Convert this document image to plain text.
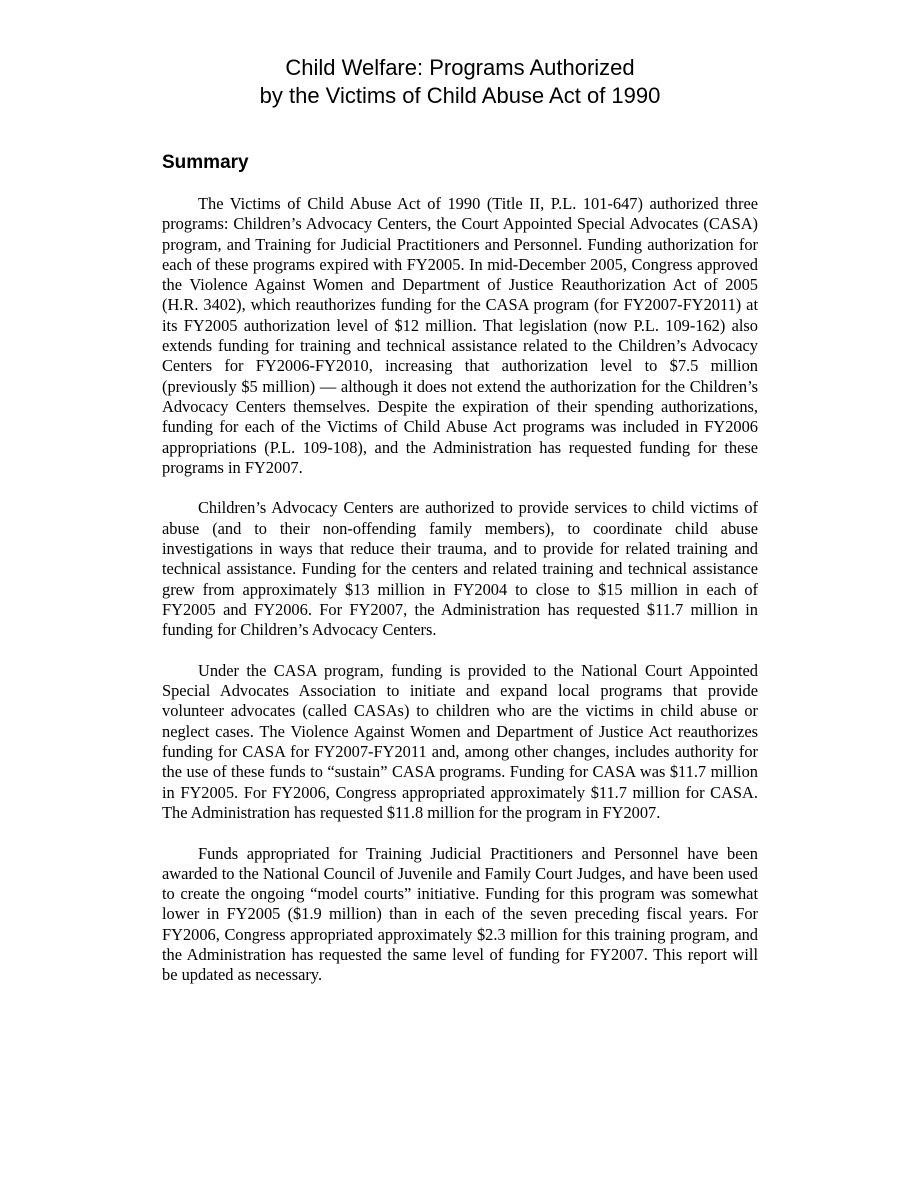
Child Welfare: Programs Authorized
by the Victims of Child Abuse Act of 1990
Summary

The Victims of Child Abuse Act of 1990 (Title II, P.L. 101-647) authorized three programs: Children’s Advocacy Centers, the Court Appointed Special Advocates (CASA) program, and Training for Judicial Practitioners and Personnel. Funding authorization for each of these programs expired with FY2005. In mid-December 2005, Congress approved the Violence Against Women and Department of Justice Reauthorization Act of 2005 (H.R. 3402), which reauthorizes funding for the CASA program (for FY2007-FY2011) at its FY2005 authorization level of $12 million. That legislation (now P.L. 109-162) also extends funding for training and technical assistance related to the Children’s Advocacy Centers for FY2006-FY2010, increasing that authorization level to $7.5 million (previously $5 million) — although it does not extend the authorization for the Children’s Advocacy Centers themselves. Despite the expiration of their spending authorizations, funding for each of the Victims of Child Abuse Act programs was included in FY2006 appropriations (P.L. 109-108), and the Administration has requested funding for these programs in FY2007.

Children’s Advocacy Centers are authorized to provide services to child victims of abuse (and to their non-offending family members), to coordinate child abuse investigations in ways that reduce their trauma, and to provide for related training and technical assistance. Funding for the centers and related training and technical assistance grew from approximately $13 million in FY2004 to close to $15 million in each of FY2005 and FY2006. For FY2007, the Administration has requested $11.7 million in funding for Children’s Advocacy Centers.

Under the CASA program, funding is provided to the National Court Appointed Special Advocates Association to initiate and expand local programs that provide volunteer advocates (called CASAs) to children who are the victims in child abuse or neglect cases. The Violence Against Women and Department of Justice Act reauthorizes funding for CASA for FY2007-FY2011 and, among other changes, includes authority for the use of these funds to “sustain” CASA programs. Funding for CASA was $11.7 million in FY2005. For FY2006, Congress appropriated approximately $11.7 million for CASA. The Administration has requested $11.8 million for the program in FY2007.

Funds appropriated for Training Judicial Practitioners and Personnel have been awarded to the National Council of Juvenile and Family Court Judges, and have been used to create the ongoing “model courts” initiative. Funding for this program was somewhat lower in FY2005 ($1.9 million) than in each of the seven preceding fiscal years. For FY2006, Congress appropriated approximately $2.3 million for this training program, and the Administration has requested the same level of funding for FY2007. This report will be updated as necessary.
